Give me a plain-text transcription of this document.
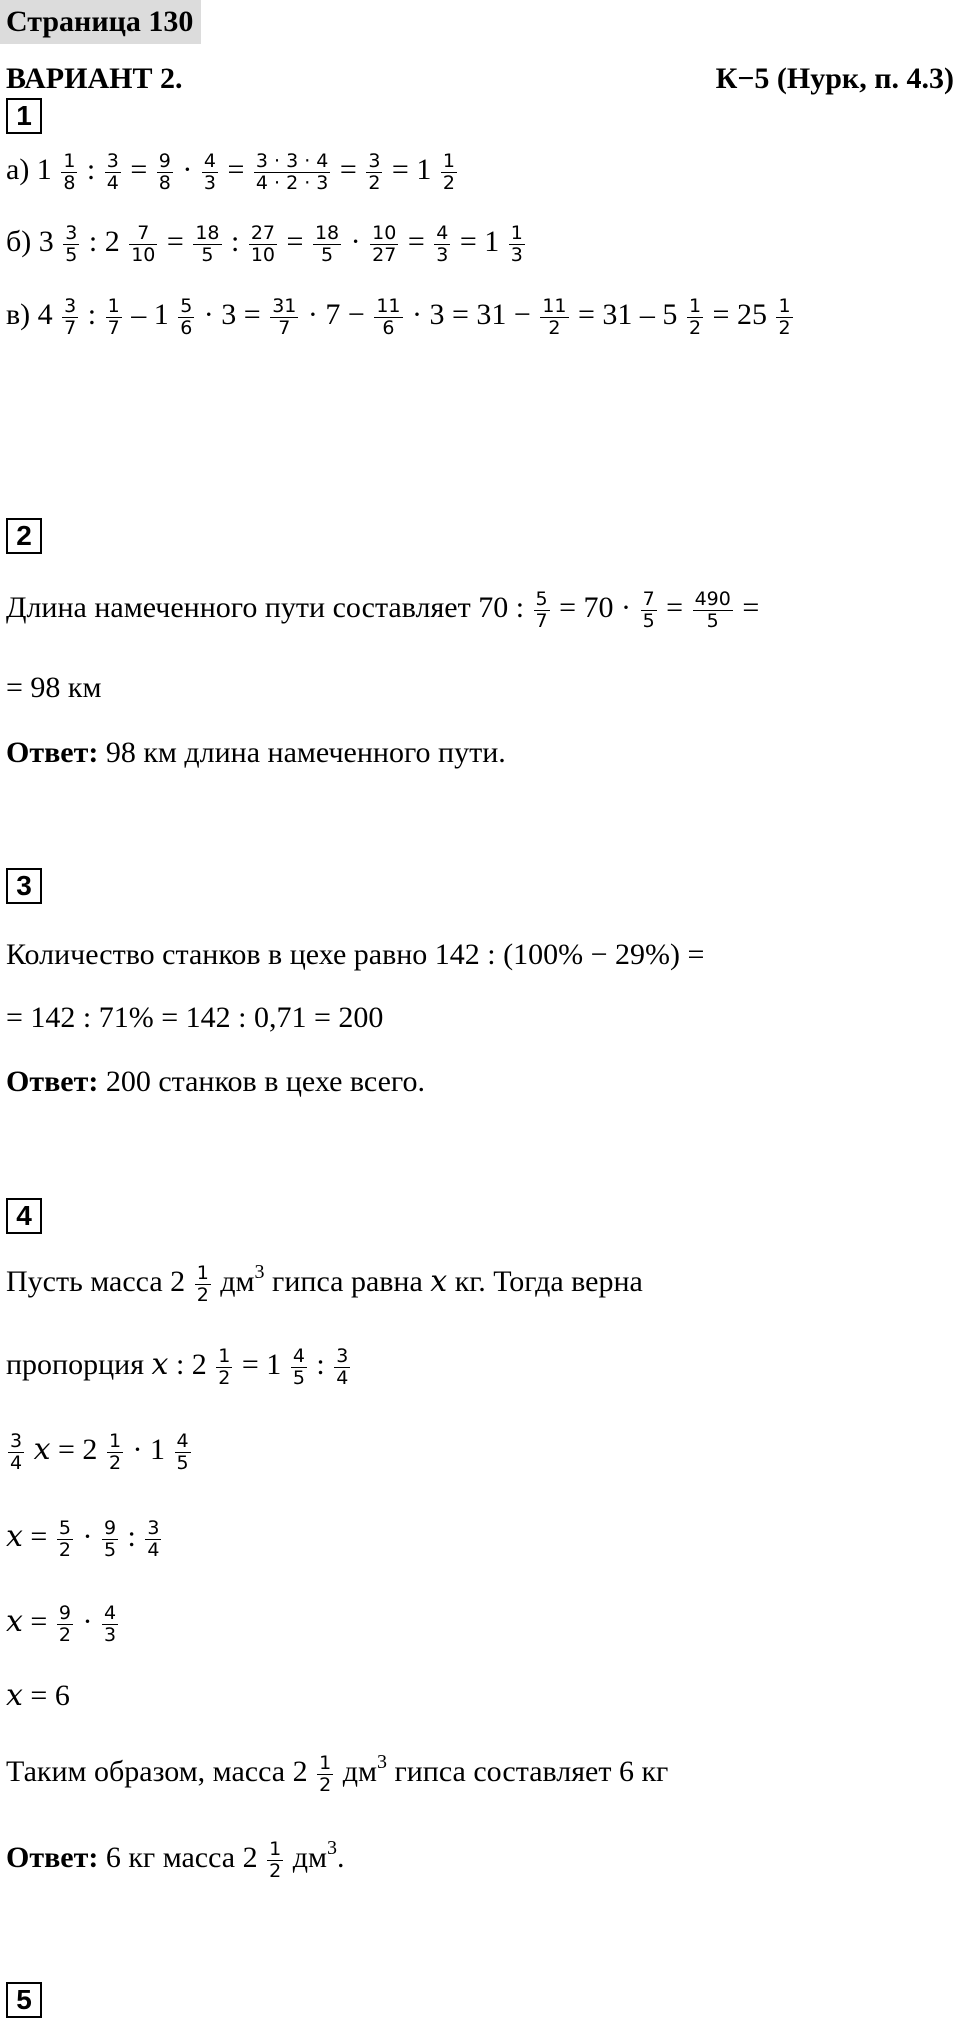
Страница 130
ВАРИАНТ 2.	К−5 (Нурк, п. 4.3)
1
а) $1 \frac{1}{8}$ : $\frac{3}{4} = \frac{9}{8} \cdot \frac{4}{3} = \frac{3 \cdot 3 \cdot 4}{4 \cdot 2 \cdot 3} = \frac{3}{2} = 1 \frac{1}{2}$
б) $3 \frac{3}{5}$ : $2 \frac{7}{10} = \frac{18}{5}$ : $\frac{27}{10} = \frac{18}{5} \cdot \frac{10}{27} = \frac{4}{3} = 1 \frac{1}{3}$
в) $4 \frac{3}{7}$ : $\frac{1}{7} - 1 \frac{5}{6} \cdot 3 = \frac{31}{7} \cdot 7 - \frac{11}{6} \cdot 3 = 31 - \frac{11}{2} = 31 - 5 \frac{1}{2} = 25 \frac{1}{2}$
2
Длина намеченного пути составляет 70 : $\frac{5}{7} = 70 \cdot \frac{7}{5} = \frac{490}{5}$ =
= 98 км
Ответ: 98 км длина намеченного пути.
3
Количество станков в цехе равно 142 : (100% − 29%) =
= 142 : 71% = 142 : 0,71 = 200
Ответ: 200 станков в цехе всего.
4
Пусть масса $2 \frac{1}{2} дм^3$ гипса равна x кг. Тогда верна
пропорция x : $2 \frac{1}{2} = 1 \frac{4}{5}$ : $\frac{3}{4}$
$\frac{3}{4}$ $x = 2 \frac{1}{2} \cdot 1 \frac{4}{5}$
$x = \frac{5}{2} \cdot \frac{9}{5}$ : $\frac{3}{4}$
$x = \frac{9}{2} \cdot \frac{4}{3}$
x = 6
Таким образом, масса $2 \frac{1}{2} дм^3$ гипса составляет 6 кг
Ответ: 6 кг масса $2 \frac{1}{2} дм^3$.
5
